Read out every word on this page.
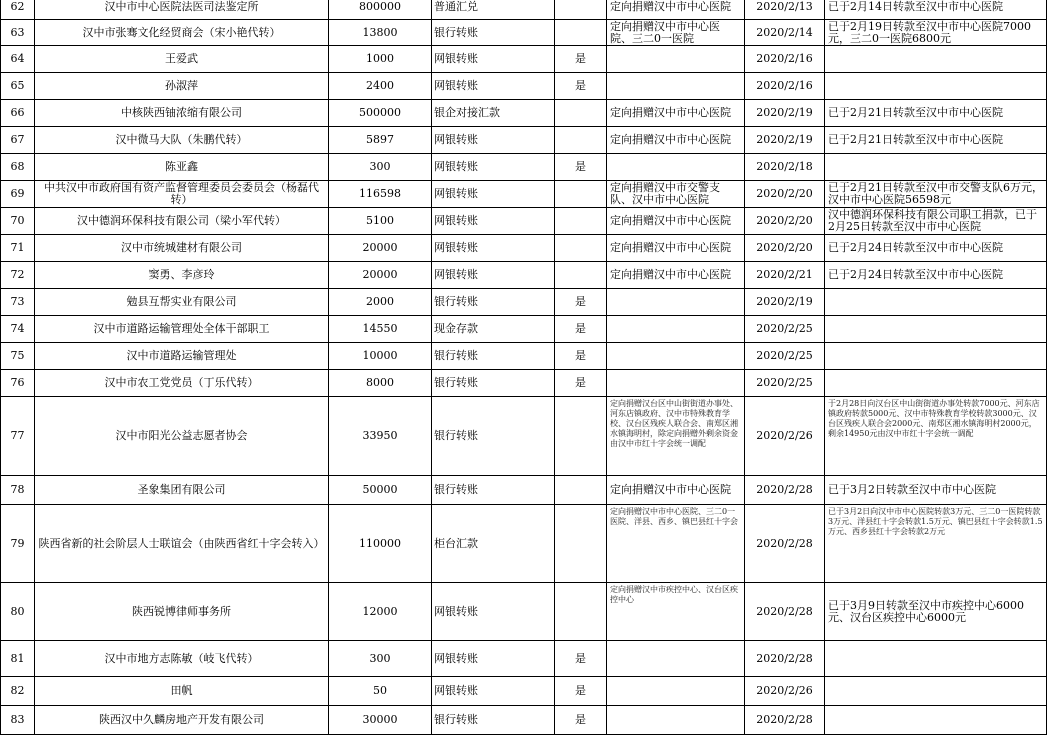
62	汉中市中心医院法医司法鉴定所	800000	普通汇兑		定向捐赠汉中市中心医院	2020/2/13	已于2月14日转款至汉中市中心医院
63	汉中市张骞文化经贸商会（宋小艳代转）	13800	银行转账		定向捐赠汉中市中心医院、三二0一医院	2020/2/14	已于2月19日转款至汉中市中心医院7000元，三二0一医院6800元
64	王爱武	1000	网银转账	是		2020/2/16	
65	孙淑萍	2400	网银转账	是		2020/2/16	
66	中核陕西铀浓缩有限公司	500000	银企对接汇款		定向捐赠汉中市中心医院	2020/2/19	已于2月21日转款至汉中市中心医院
67	汉中微马大队（朱鹏代转）	5897	网银转账		定向捐赠汉中市中心医院	2020/2/19	已于2月21日转款至汉中市中心医院
68	陈亚鑫	300	网银转账	是		2020/2/18	
69	中共汉中市政府国有资产监督管理委员会委员会（杨磊代转）	116598	网银转账		定向捐赠汉中市交警支队、汉中市中心医院	2020/2/20	已于2月21日转款至汉中市交警支队6万元，汉中市中心医院56598元
70	汉中德润环保科技有限公司（梁小军代转）	5100	网银转账		定向捐赠汉中市中心医院	2020/2/20	汉中德润环保科技有限公司职工捐款，已于2月25日转款至汉中市中心医院
71	汉中市统城建材有限公司	20000	网银转账		定向捐赠汉中市中心医院	2020/2/20	已于2月24日转款至汉中市中心医院
72	窦勇、李彦玲	20000	网银转账		定向捐赠汉中市中心医院	2020/2/21	已于2月24日转款至汉中市中心医院
73	勉县互帮实业有限公司	2000	银行转账	是		2020/2/19	
74	汉中市道路运输管理处全体干部职工	14550	现金存款	是		2020/2/25	
75	汉中市道路运输管理处	10000	银行转账	是		2020/2/25	
76	汉中市农工党党员（丁乐代转）	8000	银行转账	是		2020/2/25	
77	汉中市阳光公益志愿者协会	33950	银行转账		定向捐赠汉台区中山街街道办事处、河东店镇政府、汉中市特殊教育学校、汉台区残疾人联合会、南郑区湘水镇海明村，除定向捐赠外剩余资金由汉中市红十字会统一调配	2020/2/26	于2月28日向汉台区中山街街道办事处转款7000元、河东店镇政府转款5000元、汉中市特殊教育学校转款3000元、汉台区残疾人联合会2000元、南郑区湘水镇海明村2000元，剩余14950元由汉中市红十字会统一调配
78	圣象集团有限公司	50000	银行转账		定向捐赠汉中市中心医院	2020/2/28	已于3月2日转款至汉中市中心医院
79	陕西省新的社会阶层人士联谊会（由陕西省红十字会转入）	110000	柜台汇款		定向捐赠汉中市中心医院、三二0一医院、洋县、西乡、镇巴县红十字会	2020/2/28	已于3月2日向汉中市中心医院转款3万元、三二0一医院转款3万元、洋县红十字会转款1.5万元、镇巴县红十字会转款1.5万元、西乡县红十字会转款2万元
80	陕西锐博律师事务所	12000	网银转账		定向捐赠汉中市疾控中心、汉台区疾控中心	2020/2/28	已于3月9日转款至汉中市疾控中心6000元、汉台区疾控中心6000元
81	汉中市地方志陈敏（岐飞代转）	300	网银转账	是		2020/2/28	
82	田帆	50	网银转账	是		2020/2/26	
83	陕西汉中久麟房地产开发有限公司	30000	银行转账	是		2020/2/28	
